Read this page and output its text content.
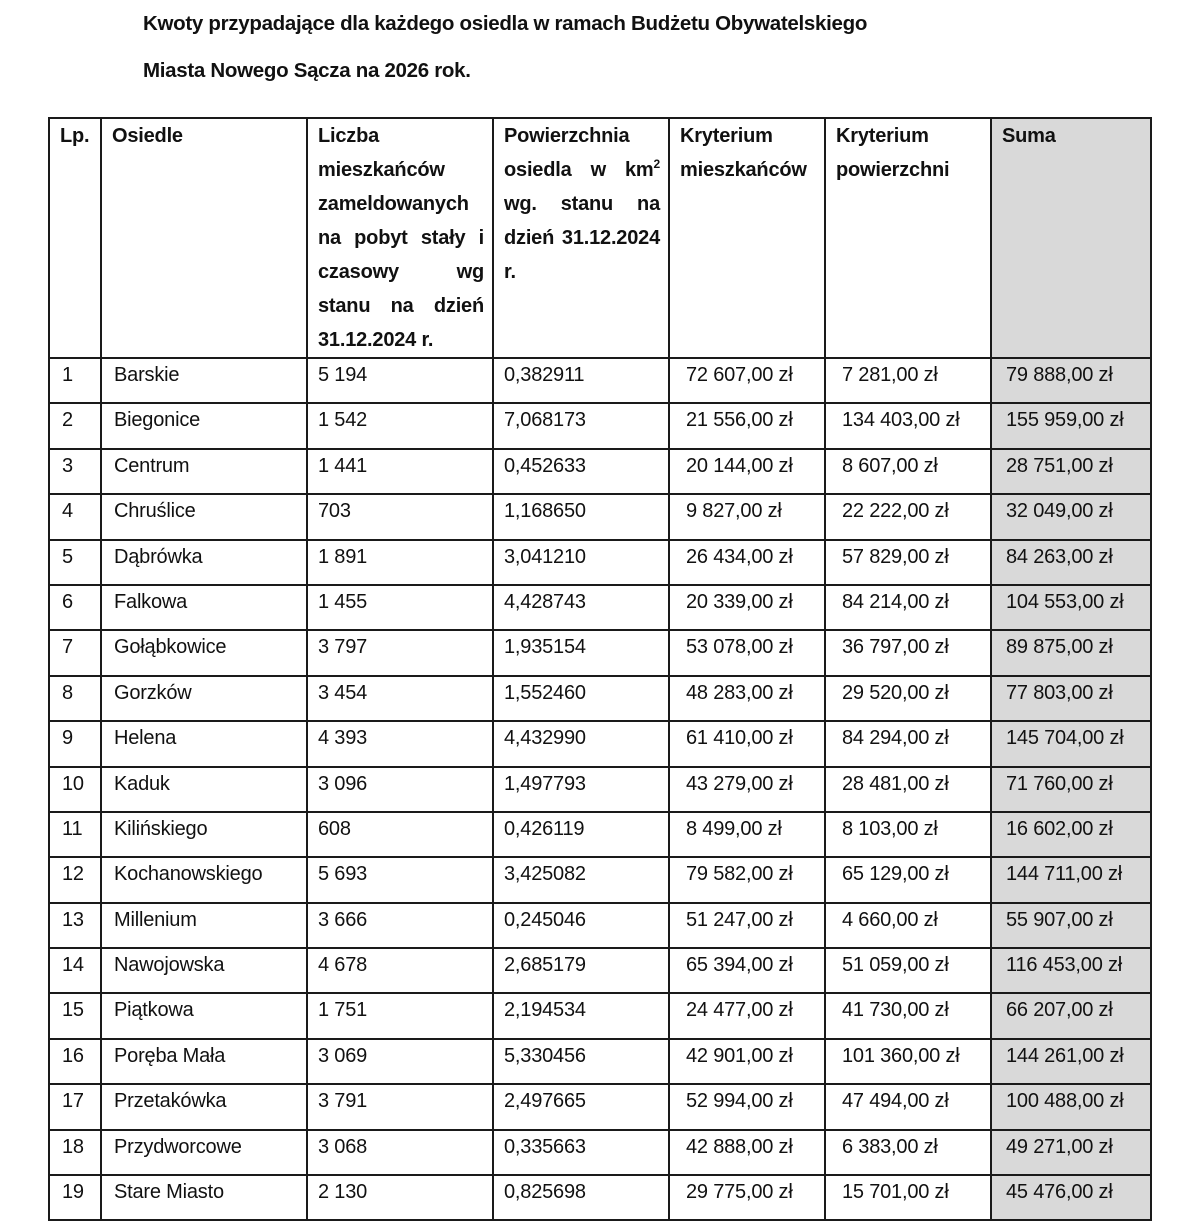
Kwoty przypadające dla każdego osiedla w ramach Budżetu Obywatelskiego
Miasta Nowego Sącza na 2026 rok.
Lp.	Osiedle	Liczba mieszkańców zameldowanych na pobyt stały i czasowy wg stanu na dzień 31.12.2024 r.	Powierzchnia osiedla w $km^2$ wg. stanu na dzień 31.12.2024 r.	Kryterium mieszkańców	Kryterium powierzchni	Suma

1	Barskie	5 194	0,382911	72 607,00 zł	7 281,00 zł	79 888,00 zł

2	Biegonice	1 542	7,068173	21 556,00 zł	134 403,00 zł	155 959,00 zł

3	Centrum	1 441	0,452633	20 144,00 zł	8 607,00 zł	28 751,00 zł

4	Chruślice	703	1,168650	9 827,00 zł	22 222,00 zł	32 049,00 zł

5	Dąbrówka	1 891	3,041210	26 434,00 zł	57 829,00 zł	84 263,00 zł

6	Falkowa	1 455	4,428743	20 339,00 zł	84 214,00 zł	104 553,00 zł

7	Gołąbkowice	3 797	1,935154	53 078,00 zł	36 797,00 zł	89 875,00 zł

8	Gorzków	3 454	1,552460	48 283,00 zł	29 520,00 zł	77 803,00 zł

9	Helena	4 393	4,432990	61 410,00 zł	84 294,00 zł	145 704,00 zł

10	Kaduk	3 096	1,497793	43 279,00 zł	28 481,00 zł	71 760,00 zł

11	Kilińskiego	608	0,426119	8 499,00 zł	8 103,00 zł	16 602,00 zł

12	Kochanowskiego	5 693	3,425082	79 582,00 zł	65 129,00 zł	144 711,00 zł

13	Millenium	3 666	0,245046	51 247,00 zł	4 660,00 zł	55 907,00 zł

14	Nawojowska	4 678	2,685179	65 394,00 zł	51 059,00 zł	116 453,00 zł

15	Piątkowa	1 751	2,194534	24 477,00 zł	41 730,00 zł	66 207,00 zł

16	Poręba Mała	3 069	5,330456	42 901,00 zł	101 360,00 zł	144 261,00 zł

17	Przetakówka	3 791	2,497665	52 994,00 zł	47 494,00 zł	100 488,00 zł

18	Przydworcowe	3 068	0,335663	42 888,00 zł	6 383,00 zł	49 271,00 zł

19	Stare Miasto	2 130	0,825698	29 775,00 zł	15 701,00 zł	45 476,00 zł
